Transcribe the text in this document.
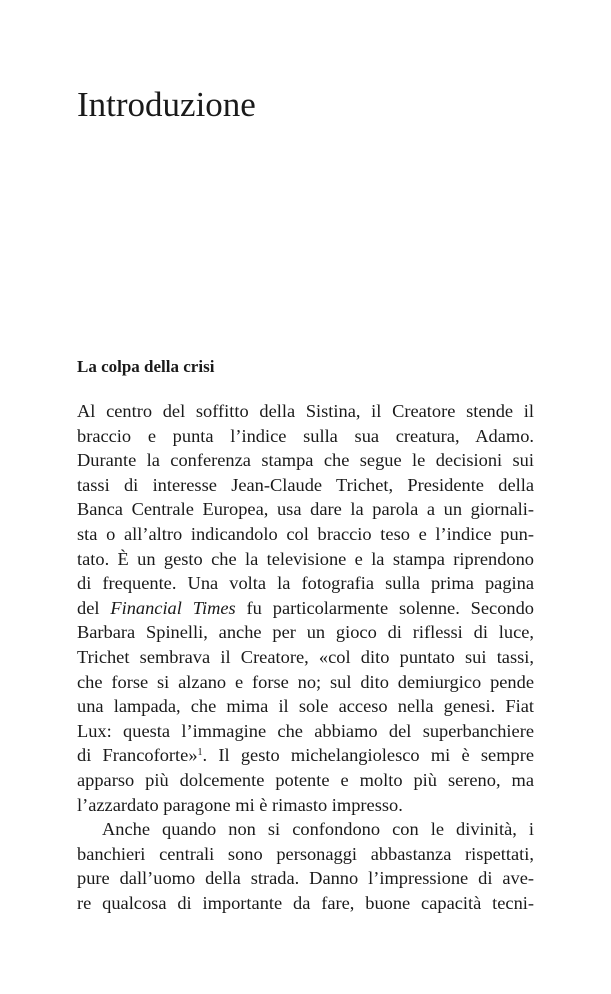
Introduzione
La colpa della crisi
Al centro del soffitto della Sistina, il Creatore stende il
braccio e punta l’indice sulla sua creatura, Adamo.
Durante la conferenza stampa che segue le decisioni sui
tassi di interesse Jean-Claude Trichet, Presidente della
Banca Centrale Europea, usa dare la parola a un giornali-
sta o all’altro indicandolo col braccio teso e l’indice pun-
tato. È un gesto che la televisione e la stampa riprendono
di frequente. Una volta la fotografia sulla prima pagina
del Financial Times fu particolarmente solenne. Secondo
Barbara Spinelli, anche per un gioco di riflessi di luce,
Trichet sembrava il Creatore, «col dito puntato sui tassi,
che forse si alzano e forse no; sul dito demiurgico pende
una lampada, che mima il sole acceso nella genesi. Fiat
Lux: questa l’immagine che abbiamo del superbanchiere
di Francoforte»$^1$. Il gesto michelangiolesco mi è sempre
apparso più dolcemente potente e molto più sereno, ma
l’azzardato paragone mi è rimasto impresso.
Anche quando non si confondono con le divinità, i
banchieri centrali sono personaggi abbastanza rispettati,
pure dall’uomo della strada. Danno l’impressione di ave-
re qualcosa di importante da fare, buone capacità tecni-
